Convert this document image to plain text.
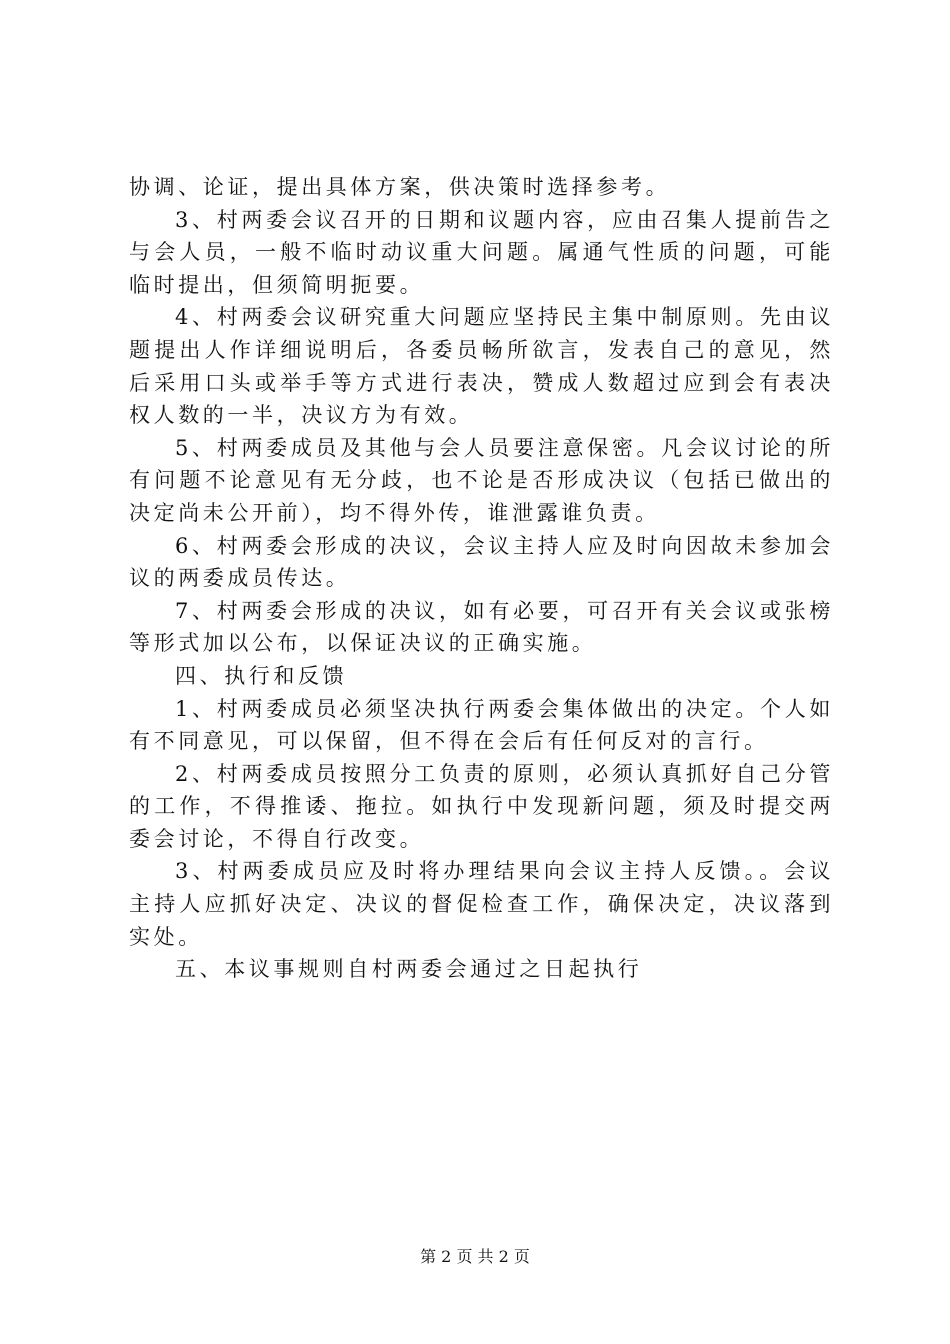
协调、论证，提出具体方案，供决策时选择参考。

3、村两委会议召开的日期和议题内容，应由召集人提前告之与会人员，一般不临时动议重大问题。属通气性质的问题，可能临时提出，但须简明扼要。

4、村两委会议研究重大问题应坚持民主集中制原则。先由议题提出人作详细说明后，各委员畅所欲言，发表自己的意见，然后采用口头或举手等方式进行表决，赞成人数超过应到会有表决权人数的一半，决议方为有效。

5、村两委成员及其他与会人员要注意保密。凡会议讨论的所有问题不论意见有无分歧，也不论是否形成决议（包括已做出的决定尚未公开前），均不得外传，谁泄露谁负责。

6、村两委会形成的决议，会议主持人应及时向因故未参加会议的两委成员传达。

7、村两委会形成的决议，如有必要，可召开有关会议或张榜等形式加以公布，以保证决议的正确实施。

四、执行和反馈

1、村两委成员必须坚决执行两委会集体做出的决定。个人如有不同意见，可以保留，但不得在会后有任何反对的言行。

2、村两委成员按照分工负责的原则，必须认真抓好自己分管的工作，不得推诿、拖拉。如执行中发现新问题，须及时提交两委会讨论，不得自行改变。

3、村两委成员应及时将办理结果向会议主持人反馈。。会议主持人应抓好决定、决议的督促检查工作，确保决定，决议落到实处。

五、本议事规则自村两委会通过之日起执行

第 2 页 共 2 页
